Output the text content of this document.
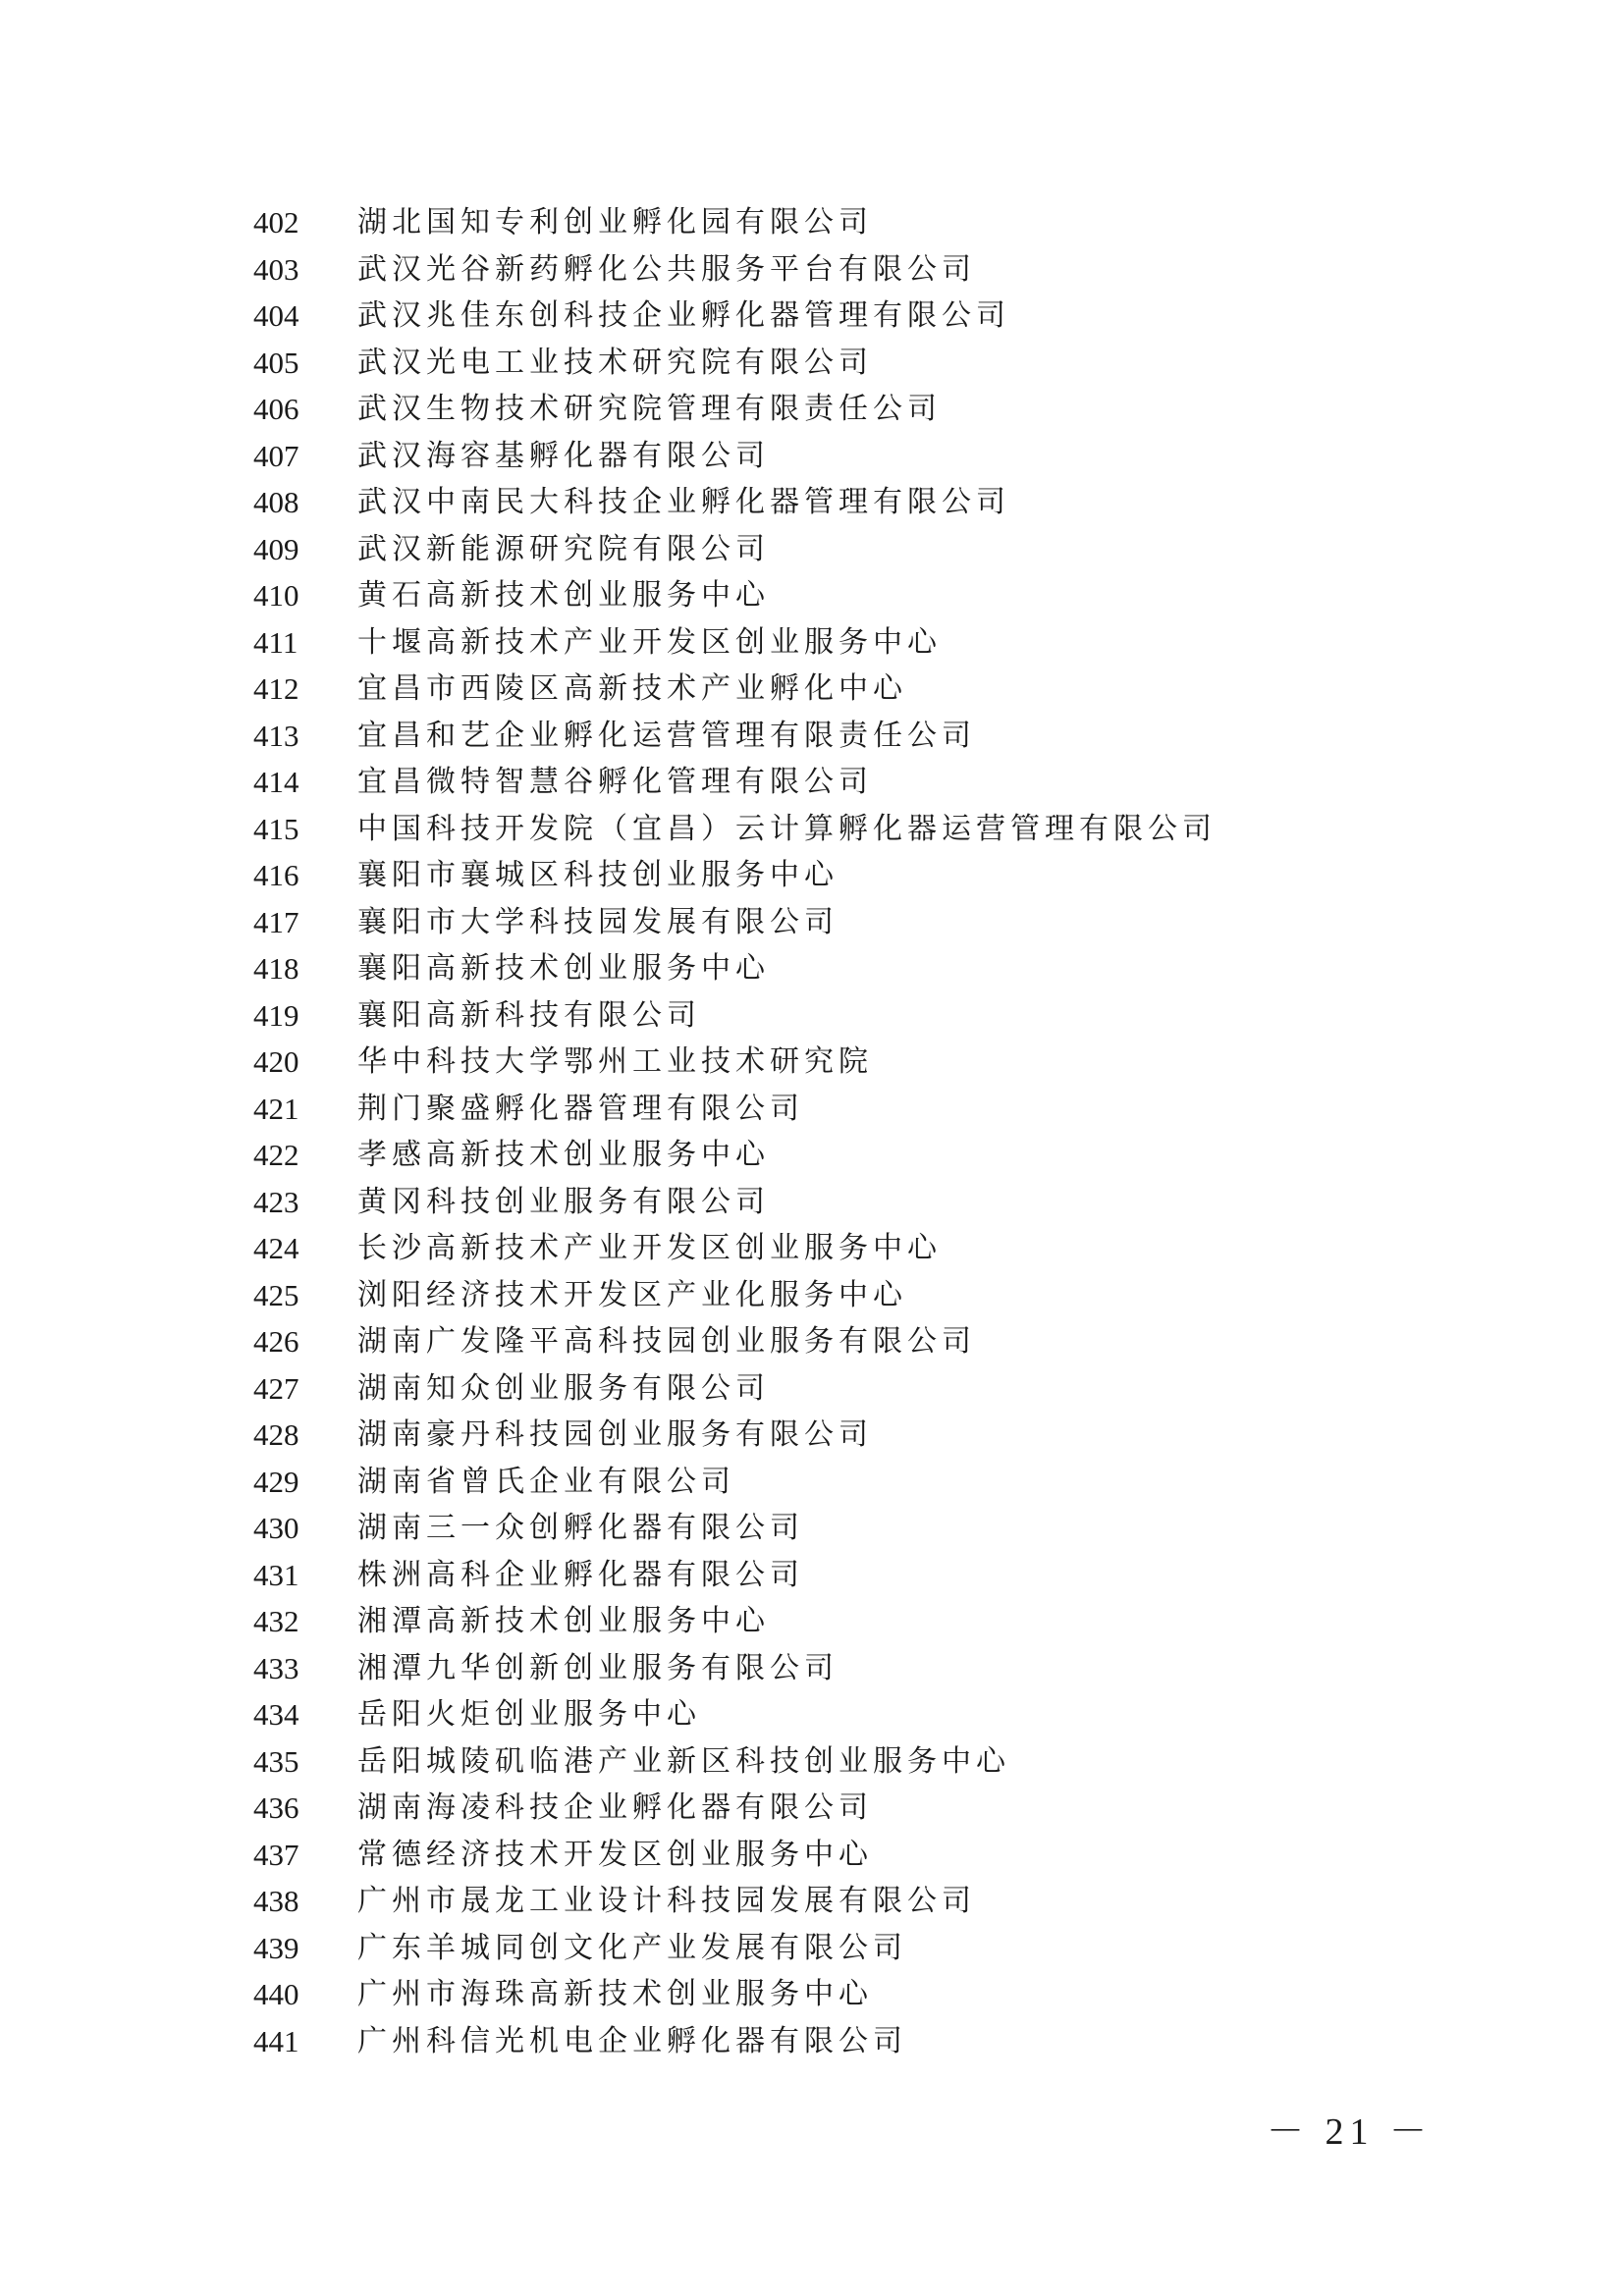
402	湖北国知专利创业孵化园有限公司
403	武汉光谷新药孵化公共服务平台有限公司
404	武汉兆佳东创科技企业孵化器管理有限公司
405	武汉光电工业技术研究院有限公司
406	武汉生物技术研究院管理有限责任公司
407	武汉海容基孵化器有限公司
408	武汉中南民大科技企业孵化器管理有限公司
409	武汉新能源研究院有限公司
410	黄石高新技术创业服务中心
411	十堰高新技术产业开发区创业服务中心
412	宜昌市西陵区高新技术产业孵化中心
413	宜昌和艺企业孵化运营管理有限责任公司
414	宜昌微特智慧谷孵化管理有限公司
415	中国科技开发院（宜昌）云计算孵化器运营管理有限公司
416	襄阳市襄城区科技创业服务中心
417	襄阳市大学科技园发展有限公司
418	襄阳高新技术创业服务中心
419	襄阳高新科技有限公司
420	华中科技大学鄂州工业技术研究院
421	荆门聚盛孵化器管理有限公司
422	孝感高新技术创业服务中心
423	黄冈科技创业服务有限公司
424	长沙高新技术产业开发区创业服务中心
425	浏阳经济技术开发区产业化服务中心
426	湖南广发隆平高科技园创业服务有限公司
427	湖南知众创业服务有限公司
428	湖南豪丹科技园创业服务有限公司
429	湖南省曾氏企业有限公司
430	湖南三一众创孵化器有限公司
431	株洲高科企业孵化器有限公司
432	湘潭高新技术创业服务中心
433	湘潭九华创新创业服务有限公司
434	岳阳火炬创业服务中心
435	岳阳城陵矶临港产业新区科技创业服务中心
436	湖南海凌科技企业孵化器有限公司
437	常德经济技术开发区创业服务中心
438	广州市晟龙工业设计科技园发展有限公司
439	广东羊城同创文化产业发展有限公司
440	广州市海珠高新技术创业服务中心
441	广州科信光机电企业孵化器有限公司
－ 21 －
